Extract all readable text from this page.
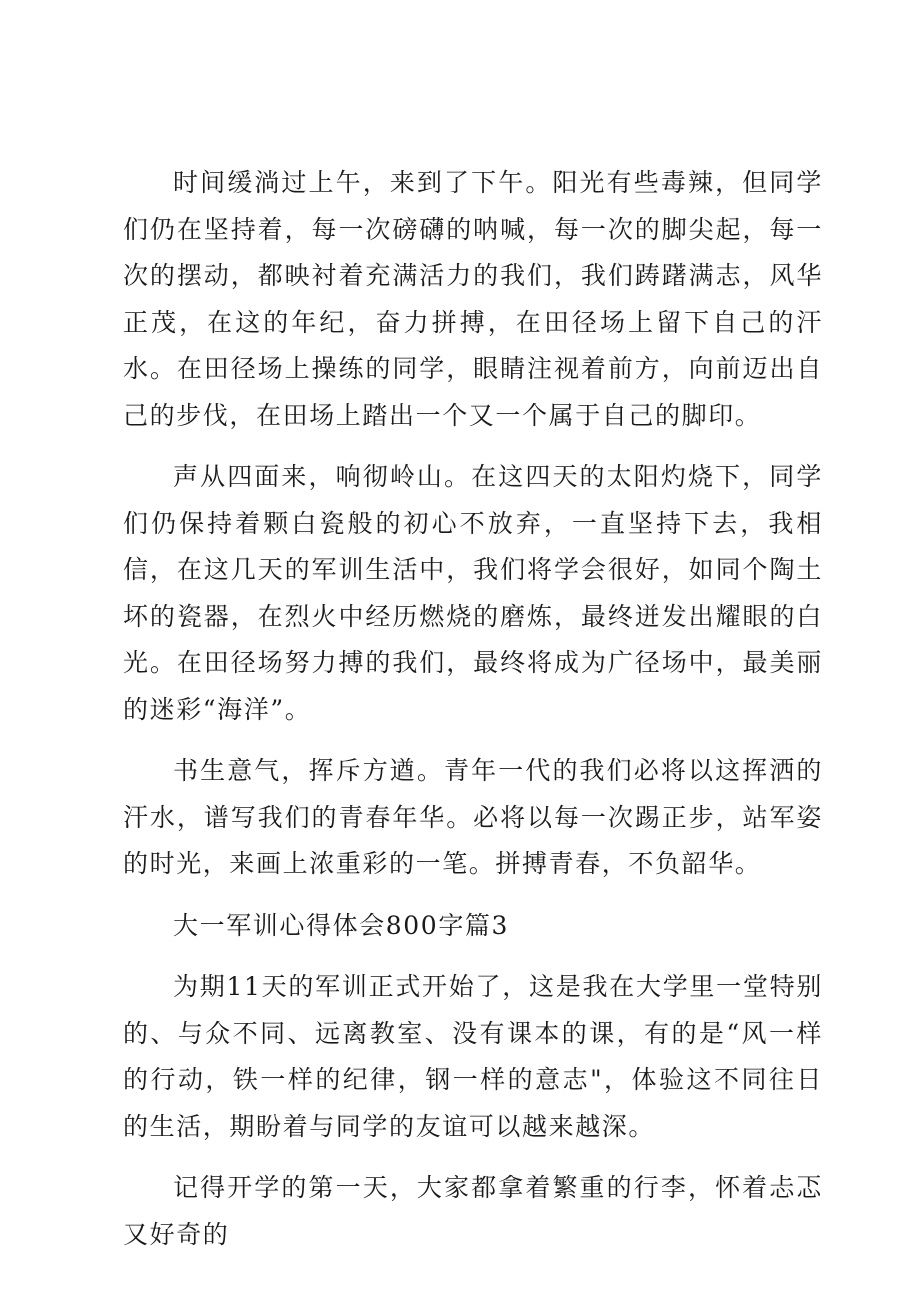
时间缓淌过上午，来到了下午。阳光有些毒辣，但同学们仍在坚持着，每一次磅礴的呐喊，每一次的脚尖起，每一次的摆动，都映衬着充满活力的我们，我们踌躇满志，风华正茂，在这的年纪，奋力拼搏，在田径场上留下自己的汗水。在田径场上操练的同学，眼睛注视着前方，向前迈出自己的步伐，在田场上踏出一个又一个属于自己的脚印。

声从四面来，响彻岭山。在这四天的太阳灼烧下，同学们仍保持着颗白瓷般的初心不放弃，一直坚持下去，我相信，在这几天的军训生活中，我们将学会很好，如同个陶土坏的瓷器，在烈火中经历燃烧的磨炼，最终迸发出耀眼的白光。在田径场努力搏的我们，最终将成为广径场中，最美丽的迷彩“海洋”。

书生意气，挥斥方遒。青年一代的我们必将以这挥洒的汗水，谱写我们的青春年华。必将以每一次踢正步，站军姿的时光，来画上浓重彩的一笔。拼搏青春，不负韶华。

大一军训心得体会800字篇3

为期11天的军训正式开始了，这是我在大学里一堂特别的、与众不同、远离教室、没有课本的课，有的是“风一样的行动，铁一样的纪律，钢一样的意志"，体验这不同往日的生活，期盼着与同学的友谊可以越来越深。

记得开学的第一天，大家都拿着繁重的行李，怀着忐忑又好奇的
